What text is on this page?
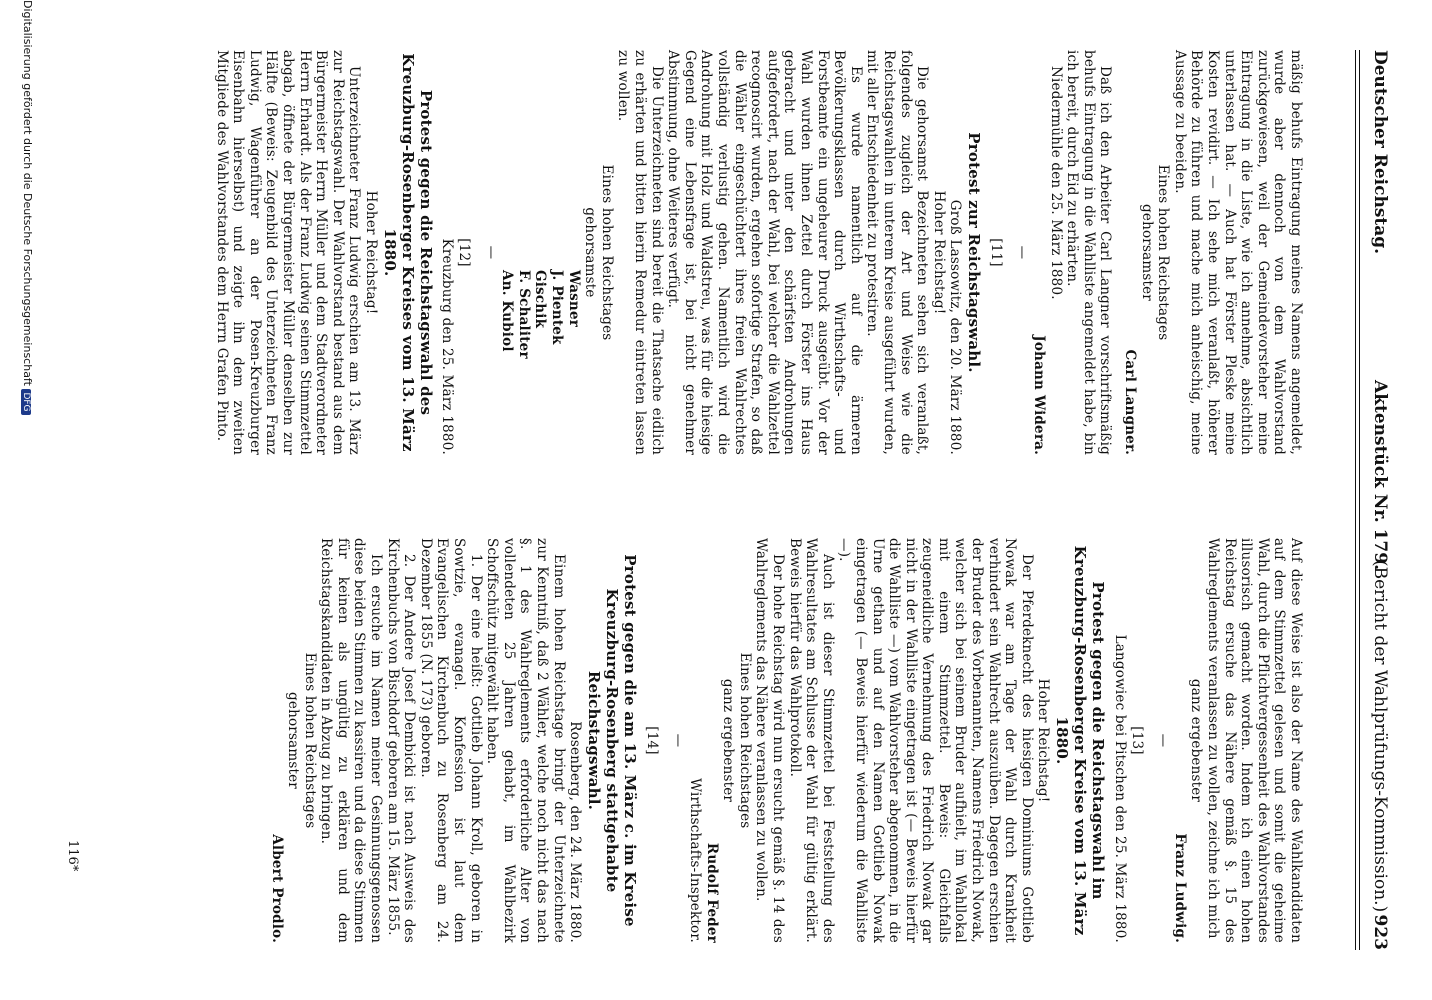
Deutscher Reichstag.
Aktenstück Nr. 179.
(Bericht der Wahlprüfungs-Kommission.)
923

mäßig behufs Eintragung meines Namens angemeldet, wurde aber dennoch von dem Wahlvorstand zurückgewiesen, weil der Gemeindevorsteher meine Eintragung in die Liste, wie ich annehme, absichtlich unterlassen hat. — Auch hat Förster Pleske meine Kosten revidirt. — Ich sehe mich veranlaßt, höherer Behörde zu führen und mache mich anheischig, meine Aussage zu beeiden.

Eines hohen Reichstages

gehorsamster

Carl Langner.

Daß ich den Arbeiter Carl Langner vorschriftsmäßig behufs Eintragung in die Wahlliste angemeldet habe, bin ich bereit, durch Eid zu erhärten.

Niedermühle den 25. März 1880.

Johann Widera.

—

[11]

Protest zur Reichstagswahl.

Groß Lassowitz, den 20. März 1880.

Hoher Reichstag!

Die gehorsamst Bezeichneten sehen sich veranlaßt, folgendes zugleich der Art und Weise wie die Reichstagswahlen in unterem Kreise ausgeführt wurden, mit aller Entschiedenheit zu protestiren.

Es wurde namentlich auf die ärmeren Bevölkerungsklassen durch Wirthschafts- und Forstbeamte ein ungeheurer Druck ausgeübt. Vor der Wahl wurden ihnen Zettel durch Förster ins Haus gebracht und unter den schärfsten Androhungen aufgefordert, nach der Wahl, bei welcher die Wahlzettel recognoscirt wurden, ergehen sofortige Strafen, so daß die Wähler eingeschüchtert ihres freien Wahlrechtes vollständig verlustig gehen. Namentlich wird die Androhung mit Holz und Waldstreu, was für die hiesige Gegend eine Lebensfrage ist, bei nicht genehmer Abstimmung, ohne Weiteres verfügt.

Die Unterzeichneten sind bereit die Thatsache eidlich zu erhärten und bitten hierin Remedur eintreten lassen zu wollen.

Eines hohen Reichstages

gehorsamste

Wasner
J. Pientek
Gischik
F. Schaliter
An. Kubiol

—

[12]

Kreuzburg den 25. März 1880.

Protest gegen die Reichstagswahl des Kreuzburg-Rosenberger Kreises vom 13. März 1880.

Hoher Reichstag!

Unterzeichneter Franz Ludwig erschien am 13. März zur Reichstagswahl. Der Wahlvorstand bestand aus dem Bürgermeister Herrn Müller und dem Stadtverordneter Herrn Erhardt. Als der Franz Ludwig seinen Stimmzettel abgab, öffnete der Bürgermeister Müller denselben zur Hälfte (Beweis: Zeugenbild des Unterzeichneten Franz Ludwig, Wagenführer an der Posen-Kreuzburger Eisenbahn hierselbst) und zeigte ihn dem zweiten Mitgliede des Wahlvorstandes dem Herrn Grafen Pinto.

Auf diese Weise ist also der Name des Wahlkandidaten auf dem Stimmzettel gelesen und somit die geheime Wahl, durch die Pflichtvergessenheit des Wahlvorstandes illusorisch gemacht worden. Indem ich einen hohen Reichstag ersuche das Nähere gemäß §. 15 des Wahlreglements veranlassen zu wollen, zeichne ich mich

ganz ergebenster

Franz Ludwig.

—

[13]

Langowiec bei Pitschen den 25. März 1880.

Protest gegen die Reichstagswahl im Kreuzburg-Rosenberger Kreise vom 13. März 1880.

Hoher Reichstag!

Der Pferdeknecht des hiesigen Dominiums Gottlieb Nowak war am Tage der Wahl durch Krankheit verhindert sein Wahlrecht auszuüben. Dagegen erschien der Bruder des Vorbenannten, Namens Friedrich Nowak, welcher sich bei seinem Bruder aufhielt, im Wahllokal mit einem Stimmzettel. Beweis: Gleichfalls zeugeneidliche Vernehmung des Friedrich Nowak gar nicht in der Wahlliste eingetragen ist (— Beweis hierfür die Wahlliste —) vom Wahlvorsteher abgenommen, in die Urne gethan und auf den Namen Gottlieb Nowak eingetragen (— Beweis hierfür wiederum die Wahlliste —).

Auch ist dieser Stimmzettel bei Feststellung des Wahlresultates am Schlusse der Wahl für gültig erklärt. Beweis hierfür das Wahlprotokoll.

Der hohe Reichstag wird nun ersucht gemäß §. 14 des Wahlreglements das Nähere veranlassen zu wollen.

Eines hohen Reichstages

ganz ergebenster

Rudolf Feder

Wirthschafts-Inspektor.

—

[14]

Protest gegen die am 13. März c. im Kreise Kreuzburg-Rosenberg stattgehabte Reichstagswahl.

Rosenberg, den 24. März 1880.

Einem hohen Reichstage bringt der Unterzeichnete zur Kenntniß, daß 2 Wähler, welche noch nicht das nach §. 1 des Wahlreglements erforderliche Alter von vollendeten 25 Jahren gehabt, im Wahlbezirk Schoffschütz mitgewählt haben.

1. Der eine heißt: Gottlieb Johann Kroll, geboren in Sowtzie, evanagel. Konfession ist laut dem Evangelischen Kirchenbuch zu Rosenberg am 24. Dezember 1855 (N. 173) geboren.

2. Der Andere Josef Dembicki ist nach Ausweis des Kirchenbuchs von Bischdorf geboren am 15. März 1855.

Ich ersuche im Namen meiner Gesinnungsgenossen diese beiden Stimmen zu kassiren und da diese Stimmen für keinen als ungültig zu erklären und dem Reichstagskandidaten in Abzug zu bringen.

Eines hohen Reichstages

gehorsamster

Albert Prodlo.

116*
Digitalisierung gefördert durch die Deutsche Forschungsgemeinschaft DFG
